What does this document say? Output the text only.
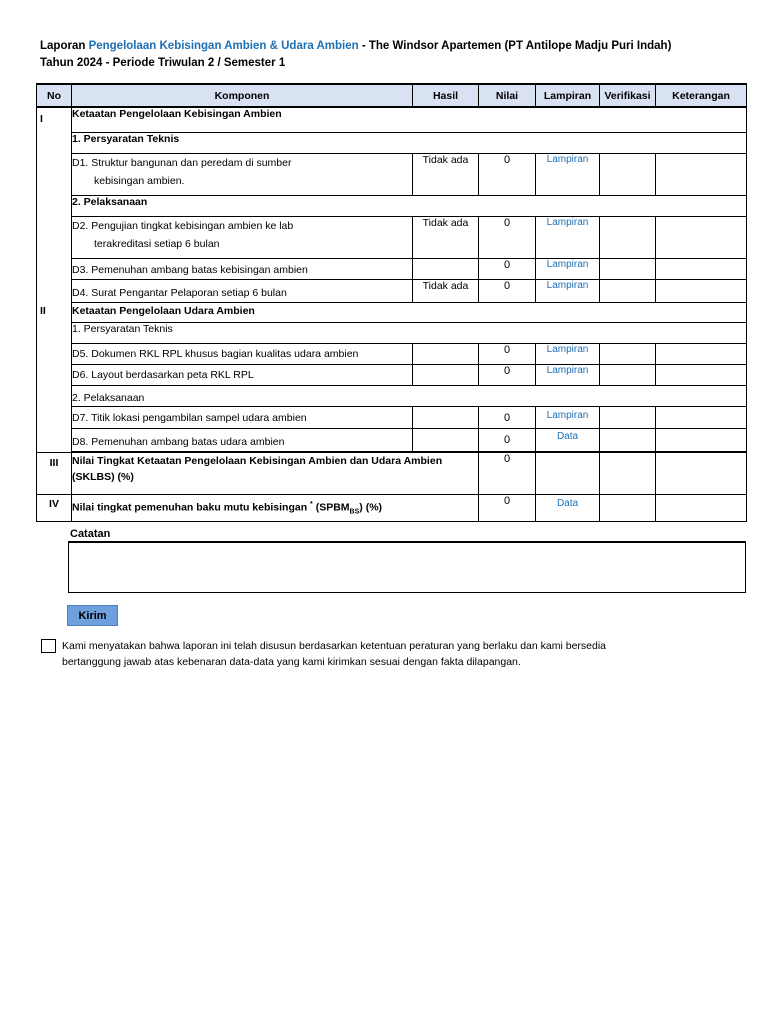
Laporan Pengelolaan Kebisingan Ambien & Udara Ambien - The Windsor Apartemen (PT Antilope Madju Puri Indah)
Tahun 2024 - Periode Triwulan 2 / Semester 1
No	Komponen	Hasil	Nilai	Lampiran	Verifikasi	Keterangan
I	Ketaatan Pengelolaan Kebisingan Ambien					
	1. Persyaratan Teknis					
	D1. Struktur bangunan dan peredam di sumber
kebisingan ambien.	Tidak ada	0	Lampiran		
	2. Pelaksanaan					
	D2. Pengujian tingkat kebisingan ambien ke lab
terakreditasi setiap 6 bulan	Tidak ada	0	Lampiran		
	D3. Pemenuhan ambang batas kebisingan ambien		0	Lampiran		
	D4. Surat Pengantar Pelaporan setiap 6 bulan	Tidak ada	0	Lampiran		

II	Ketaatan Pengelolaan Udara Ambien					
	1. Persyaratan Teknis					
	D5. Dokumen RKL RPL khusus bagian kualitas udara ambien		0	Lampiran		
	D6. Layout berdasarkan peta RKL RPL		0	Lampiran		
	2. Pelaksanaan					
	D7. Titik lokasi pengambilan sampel udara ambien		0	Lampiran		
	D8. Pemenuhan ambang batas udara ambien		0	Data		

III	Nilai Tingkat Ketaatan Pengelolaan Kebisingan Ambien dan Udara Ambien
(SKLBS) (%)		0			
IV	Nilai tingkat pemenuhan baku mutu kebisingan * $(SPBM_{BS})$ (%)		0	Data		
Catatan
Kirim
Kami menyatakan bahwa laporan ini telah disusun berdasarkan ketentuan peraturan yang berlaku dan kami bersedia
bertanggung jawab atas kebenaran data-data yang kami kirimkan sesuai dengan fakta dilapangan.
